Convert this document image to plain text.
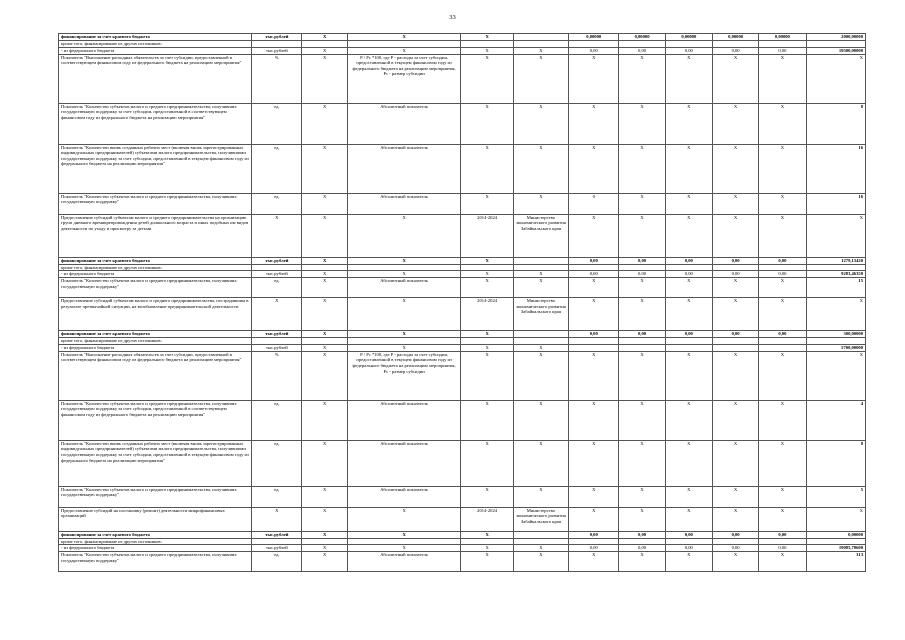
33
финансирование за счет краевого бюджета	тыс.рублей	X	X	X		0,00000	0,00000	0,00000	0,00000	0,00000	2000,00000
кроме того, финансирование из других источников:											
- из федерального бюджета	тыс.рублей	X	X	X	X	0,00	0,00	0,00	0,00	0,00	19500,00000
Показатель "Выполнение расходных обязательств за счет субсидии, предоставленной в соответствующем финансовом году из федерального бюджета на реализацию мероприятия"	%	X	Р / Рс *100, где Р - расходы за счет субсидии, предоставленной в текущем финансовом году из федерального бюджета на реализацию мероприятия, Рс - размер субсидии	X	X	X	X	X	X	X	X
Показатель "Количество субъектов малого и среднего предпринимательства, получивших государственную поддержку за счет субсидии, предоставленной в соответствующем финансовом году из федерального бюджета на реализацию мероприятия"	ед.	X	Абсолютный показатель	X	X	X	X	X	X	X	8
Показатель "Количество вновь созданных рабочих мест (включая вновь зарегистрированных индивидуальных предпринимателей) субъектами малого предпринимательства, получившими государственную поддержку за счет субсидии, предоставленной в текущем финансовом году из федерального бюджета на реализацию мероприятия"	ед.	X	Абсолютный показатель	X	X	X	X	X	X	X	16
Показатель "Количество субъектов малого и среднего предпринимательства, получивших государственную поддержку"	ед.	X	Абсолютный показатель	X	X	0	X	X	X	X	16
Предоставление субсидий субъектам малого и среднего предпринимательства на организацию групп дневного времяпрепровождения детей дошкольного возраста и иных подобных им видов деятельности по уходу и присмотру за детьми	X	X	X	2014-2024	Министерство экономического развития Забайкальского края	X	X	X	X	X	X
финансирование за счет краевого бюджета	тыс.рублей	X	X	X		0,00	0,00	0,00	0,00	0,00	1279,13420
кроме того, финансирование из других источников:											
- из федерального бюджета	тыс.рублей	X	X	X	X	0,00	0,00	0,00	0,00	0,00	9283,46350
Показатель "Количество субъектов малого и среднего предпринимательства, получивших государственную поддержку"	ед.	X	Абсолютный показатель	X	X	X	X	X	X	X	15
Предоставление субсидий субъектам малого и среднего предпринимательства, пострадавшим в результате чрезвычайной ситуации, на возобновление предпринимательской деятельности	X	X	X	2014-2024	Министерство экономического развития Забайкальского края	X	X	X	X	X	X
финансирование за счет краевого бюджета	тыс.рублей	X	X	X		0,00	0,00	0,00	0,00	0,00	300,00000
кроме того, финансирование из других источников:											
- из федерального бюджета	тыс.рублей	X	X	X	X						5700,00000
Показатель "Выполнение расходных обязательств за счет субсидии, предоставленной в соответствующем финансовом году из федерального бюджета на реализацию мероприятия"	%	X	Р / Рс *100, где Р - расходы за счет субсидии, предоставленной в текущем финансовом году из федерального бюджета на реализацию мероприятия, Рс - размер субсидии	X	X	X	X	X	X	X	X
Показатель "Количество субъектов малого и среднего предпринимательства, получивших государственную поддержку за счет субсидии, предоставленной в соответствующем финансовом году из федерального бюджета на реализацию мероприятия"	ед.	X	Абсолютный показатель	X	X	X	X	X	X	X	4
Показатель "Количество вновь созданных рабочих мест (включая вновь зарегистрированных индивидуальных предпринимателей) субъектами малого предпринимательства, получившими государственную поддержку за счет субсидии, предоставленной в текущем финансовом году из федерального бюджета на реализацию мероприятия"	ед.	X	Абсолютный показатель	X	X	X	X	X	X	X	8
Показатель "Количество субъектов малого и среднего предпринимательства, получивших государственную поддержку"	ед.	X	Абсолютный показатель	X	X	X	X	X	X	X	5
Предоставление субсидий на постановку (ремонт) деятельности микрофинансовых организаций	X	X	X	2014-2024	Министерство экономического развития Забайкальского края	X	X	X	X	X	X
финансирование за счет краевого бюджета	тыс.рублей	X	X	X		0,00	0,00	0,00	0,00	0,00	0,00000
кроме того, финансирование из других источников:											
- из федерального бюджета	тыс.рублей	X	X	X	X	0,00	0,00	0,00	0,00	0,00	19085,78600
Показатель "Количество субъектов малого и среднего предпринимательства, получивших государственную поддержку"	ед.	X	Абсолютный показатель	X	X	X	X	X	X	X	313
